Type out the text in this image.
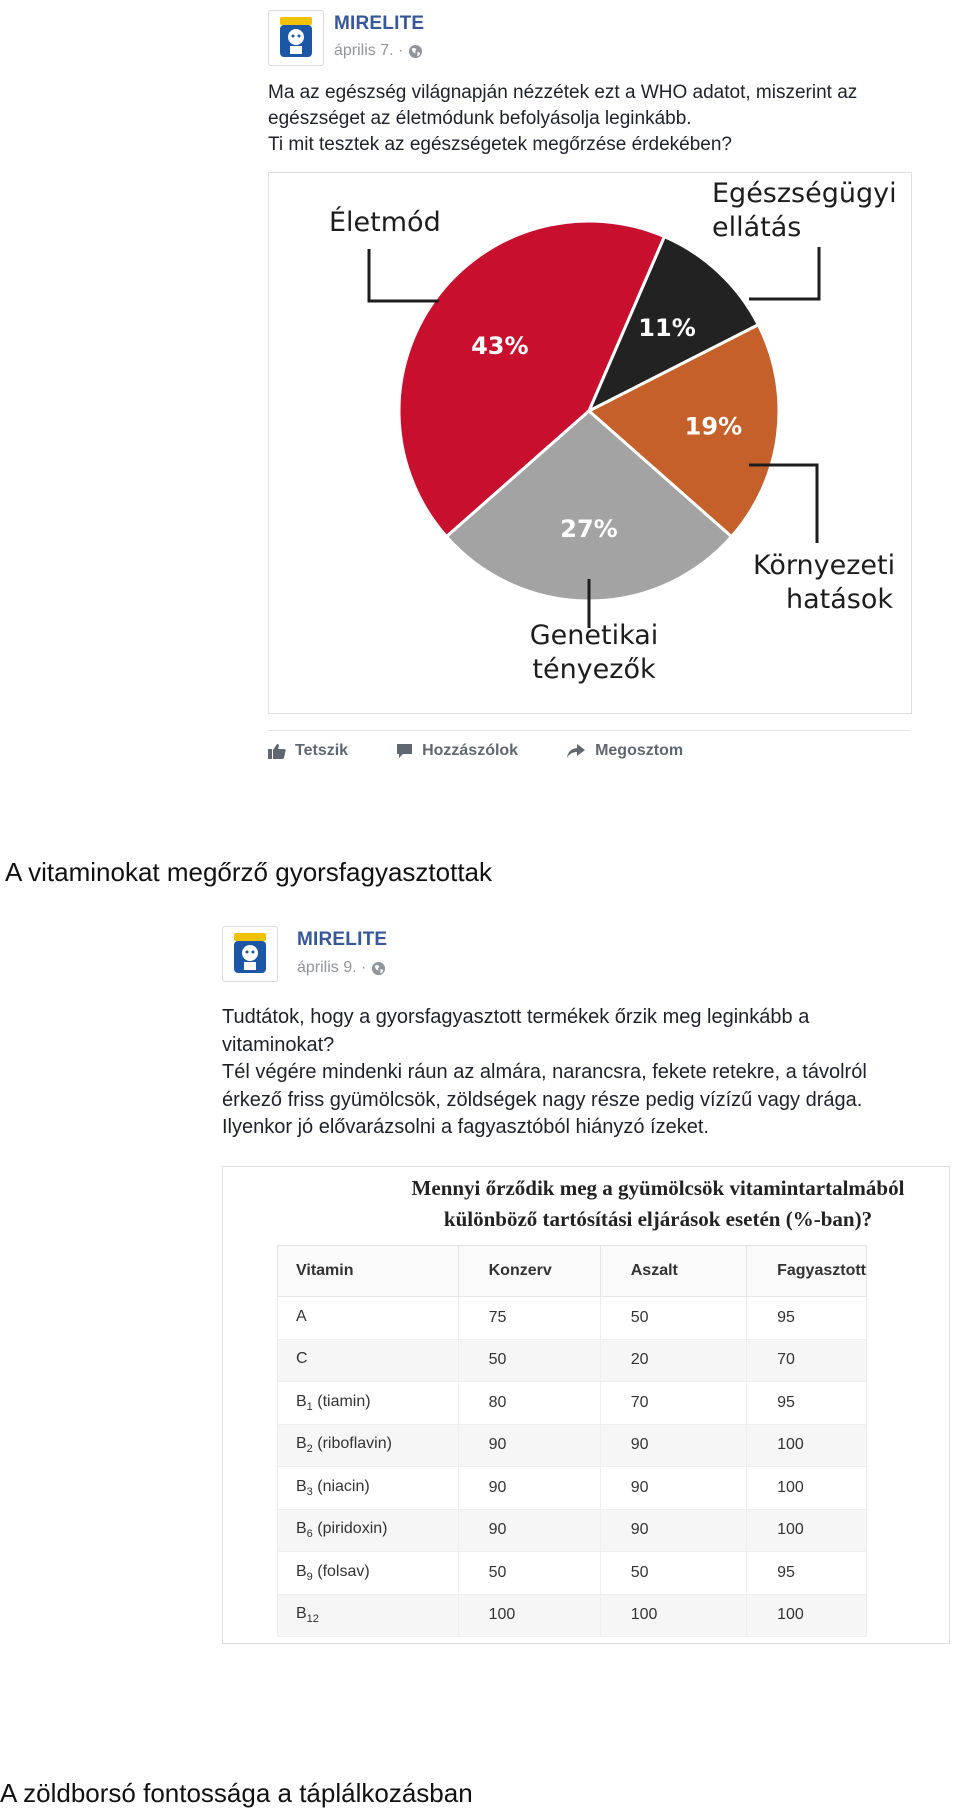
MIRELITE
április 7. ·
Ma az egészség világnapján nézzétek ezt a WHO adatot, miszerint az
egészséget az életmódunk befolyásolja leginkább.
Ti mit tesztek az egészségetek megőrzése érdekében?
43%
11%
19%
27%
Életmód
Egészségügyi
ellátás
Környezeti
hatások
Genetikai
tényezők
Tetszik	Hozzászólok	Megosztom
A vitaminokat megőrző gyorsfagyasztottak
MIRELITE
április 9. ·
Tudtátok, hogy a gyorsfagyasztott termékek őrzik meg leginkább a
vitaminokat?
Tél végére mindenki ráun az almára, narancsra, fekete retekre, a távolról
érkező friss gyümölcsök, zöldségek nagy része pedig vízízű vagy drága.
Ilyenkor jó elővarázsolni a fagyasztóból hiányzó ízeket.
Mennyi őrződik meg a gyümölcsök vitamintartalmából
különböző tartósítási eljárások esetén (%-ban)?
Vitamin	Konzerv	Aszalt	Fagyasztott
A	75	50	95
C	50	20	70
$B_1$ (tiamin)	80	70	95
$B_2$ (riboflavin)	90	90	100
$B_3$ (niacin)	90	90	100
$B_6$ (piridoxin)	90	90	100
$B_9$ (folsav)	50	50	95
$B_{12}$	100	100	100
A zöldborsó fontossága a táplálkozásban
